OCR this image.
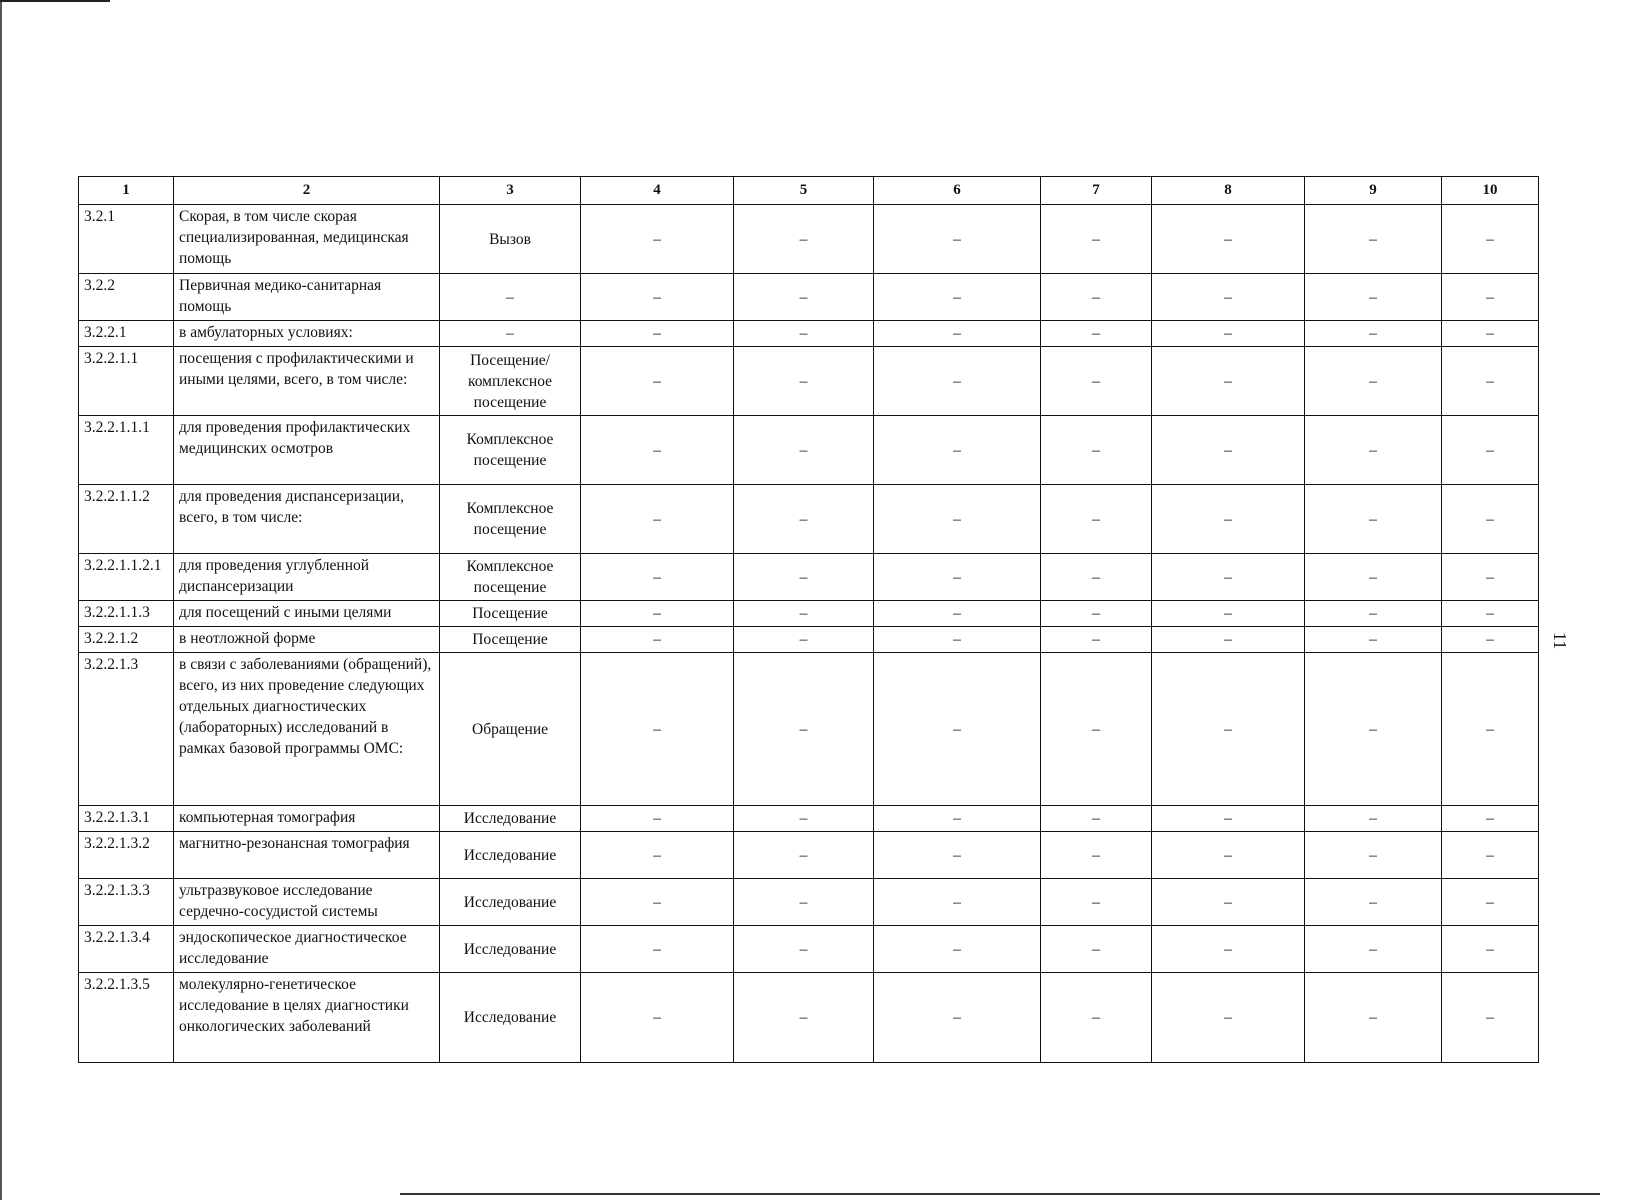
11
1	2	3	4	5	6	7	8	9	10
3.2.1	Скорая, в том числе скорая специализированная, медицинская помощь	Вызов	–	–	–	–	–	–	–
3.2.2	Первичная медико-санитарная помощь	–	–	–	–	–	–	–	–
3.2.2.1	в амбулаторных условиях:	–	–	–	–	–	–	–	–
3.2.2.1.1	посещения с профилактическими и иными целями, всего, в том числе:	Посещение/ комплексное посещение	–	–	–	–	–	–	–
3.2.2.1.1.1	для проведения профилактических медицинских осмотров	Комплексное посещение	–	–	–	–	–	–	–
3.2.2.1.1.2	для проведения диспансеризации, всего, в том числе:	Комплексное посещение	–	–	–	–	–	–	–
3.2.2.1.1.2.1	для проведения углубленной диспансеризации	Комплексное посещение	–	–	–	–	–	–	–
3.2.2.1.1.3	для посещений с иными целями	Посещение	–	–	–	–	–	–	–
3.2.2.1.2	в неотложной форме	Посещение	–	–	–	–	–	–	–
3.2.2.1.3	в связи с заболеваниями (обращений), всего, из них проведение следующих отдельных диагностических (лабораторных) исследований в рамках базовой программы ОМС:	Обращение	–	–	–	–	–	–	–
3.2.2.1.3.1	компьютерная томография	Исследование	–	–	–	–	–	–	–
3.2.2.1.3.2	магнитно-резонансная томография	Исследование	–	–	–	–	–	–	–
3.2.2.1.3.3	ультразвуковое исследование сердечно-сосудистой системы	Исследование	–	–	–	–	–	–	–
3.2.2.1.3.4	эндоскопическое диагностическое исследование	Исследование	–	–	–	–	–	–	–
3.2.2.1.3.5	молекулярно-генетическое исследование в целях диагностики онкологических заболеваний	Исследование	–	–	–	–	–	–	–
